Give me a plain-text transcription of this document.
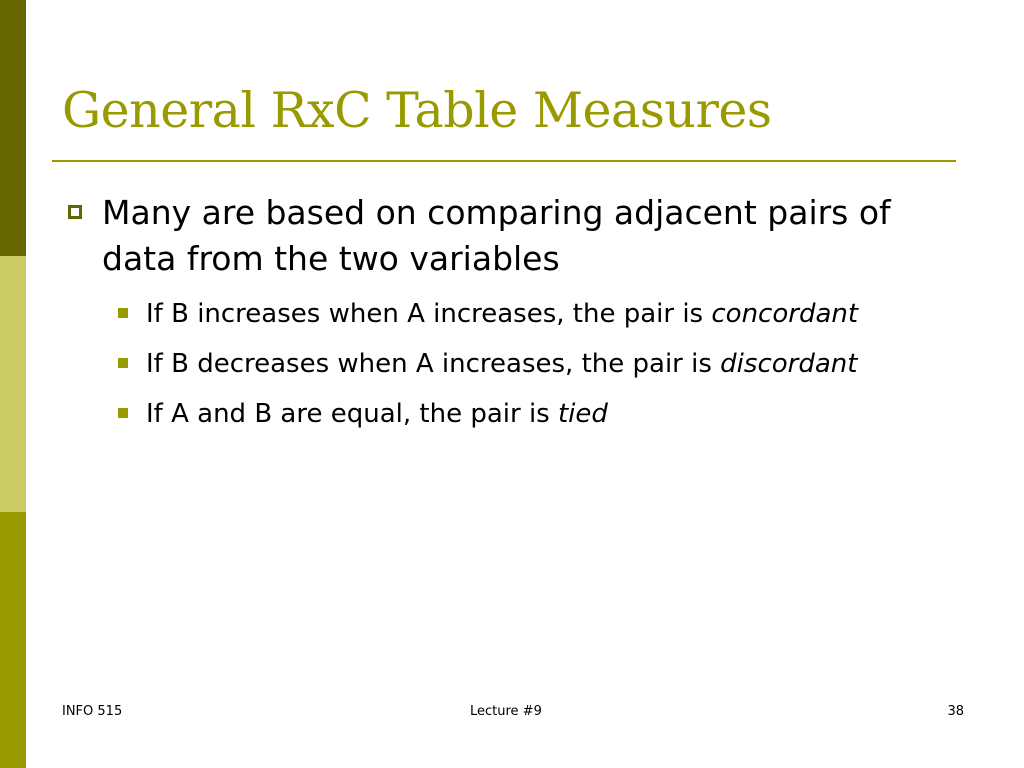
General RxC Table Measures
Many are based on comparing adjacent pairs of data from the two variables
If B increases when A increases, the pair is concordant
If B decreases when A increases, the pair is discordant
If A and B are equal, the pair is tied
INFO 515	Lecture #9	38
